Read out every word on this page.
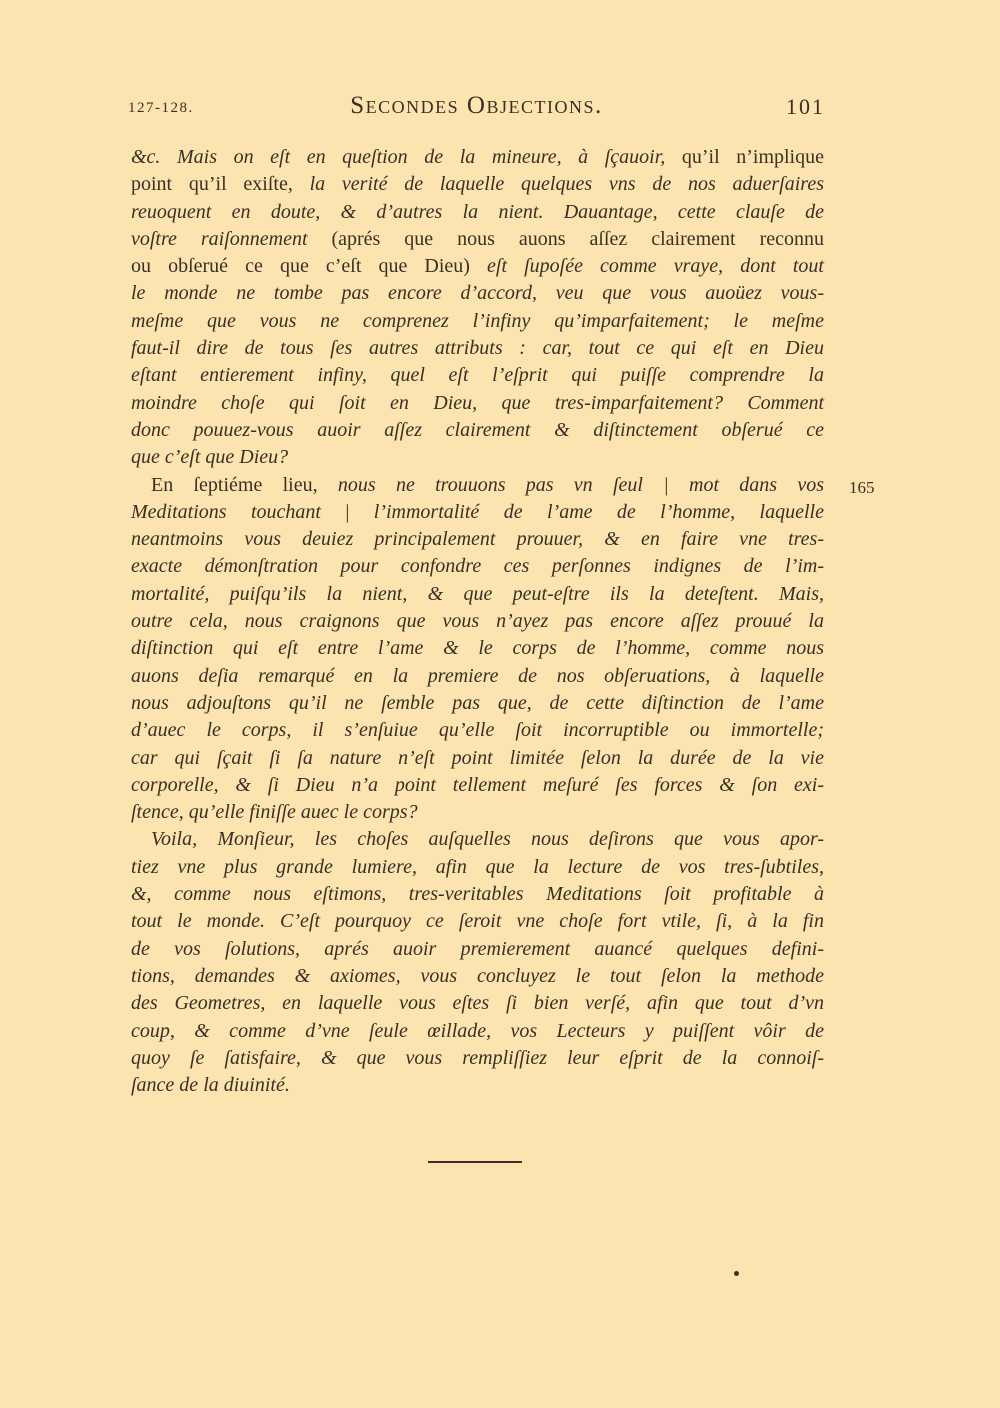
127-128.	Secondes Objections.	101
&c. Mais on eſt en queſtion de la mineure, à ſçauoir, qu’il n’implique
point qu’il exiſte, la verité de laquelle quelques vns de nos aduerſaires
reuoquent en doute, & d’autres la nient. Dauantage, cette clauſe de
voſtre raiſonnement (aprés que nous auons aſſez clairement reconnu
ou obſerué ce que c’eſt que Dieu) eſt ſupoſée comme vraye, dont tout
le monde ne tombe pas encore d’accord, veu que vous auoüez vous-
meſme que vous ne comprenez l’infiny qu’imparfaitement; le meſme
faut-il dire de tous ſes autres attributs : car, tout ce qui eſt en Dieu
eſtant entierement infiny, quel eſt l’eſprit qui puiſſe comprendre la
moindre choſe qui ſoit en Dieu, que tres-imparfaitement? Comment
donc pouuez-vous auoir aſſez clairement & diſtinctement obſerué ce
que c’eſt que Dieu?
En ſeptiéme lieu, nous ne trouuons pas vn ſeul | mot dans vos
Meditations touchant | l’immortalité de l’ame de l’homme, laquelle
neantmoins vous deuiez principalement prouuer, & en faire vne tres-
exacte démonſtration pour confondre ces perſonnes indignes de l’im-
mortalité, puiſqu’ils la nient, & que peut-eſtre ils la deteſtent. Mais,
outre cela, nous craignons que vous n’ayez pas encore aſſez prouué la
diſtinction qui eſt entre l’ame & le corps de l’homme, comme nous
auons deſia remarqué en la premiere de nos obſeruations, à laquelle
nous adjouſtons qu’il ne ſemble pas que, de cette diſtinction de l’ame
d’auec le corps, il s’enſuiue qu’elle ſoit incorruptible ou immortelle;
car qui ſçait ſi ſa nature n’eſt point limitée ſelon la durée de la vie
corporelle, & ſi Dieu n’a point tellement meſuré ſes forces & ſon exi-
ſtence, qu’elle finiſſe auec le corps?
Voila, Monſieur, les choſes auſquelles nous deſirons que vous apor-
tiez vne plus grande lumiere, afin que la lecture de vos tres-ſubtiles,
&, comme nous eſtimons, tres-veritables Meditations ſoit profitable à
tout le monde. C’eſt pourquoy ce ſeroit vne choſe fort vtile, ſi, à la fin
de vos ſolutions, aprés auoir premierement auancé quelques defini-
tions, demandes & axiomes, vous concluyez le tout ſelon la methode
des Geometres, en laquelle vous eſtes ſi bien verſé, afin que tout d’vn
coup, & comme d’vne ſeule œillade, vos Lecteurs y puiſſent vôir de
quoy ſe ſatisfaire, & que vous rempliſſiez leur eſprit de la connoiſ-
ſance de la diuinité.
165
